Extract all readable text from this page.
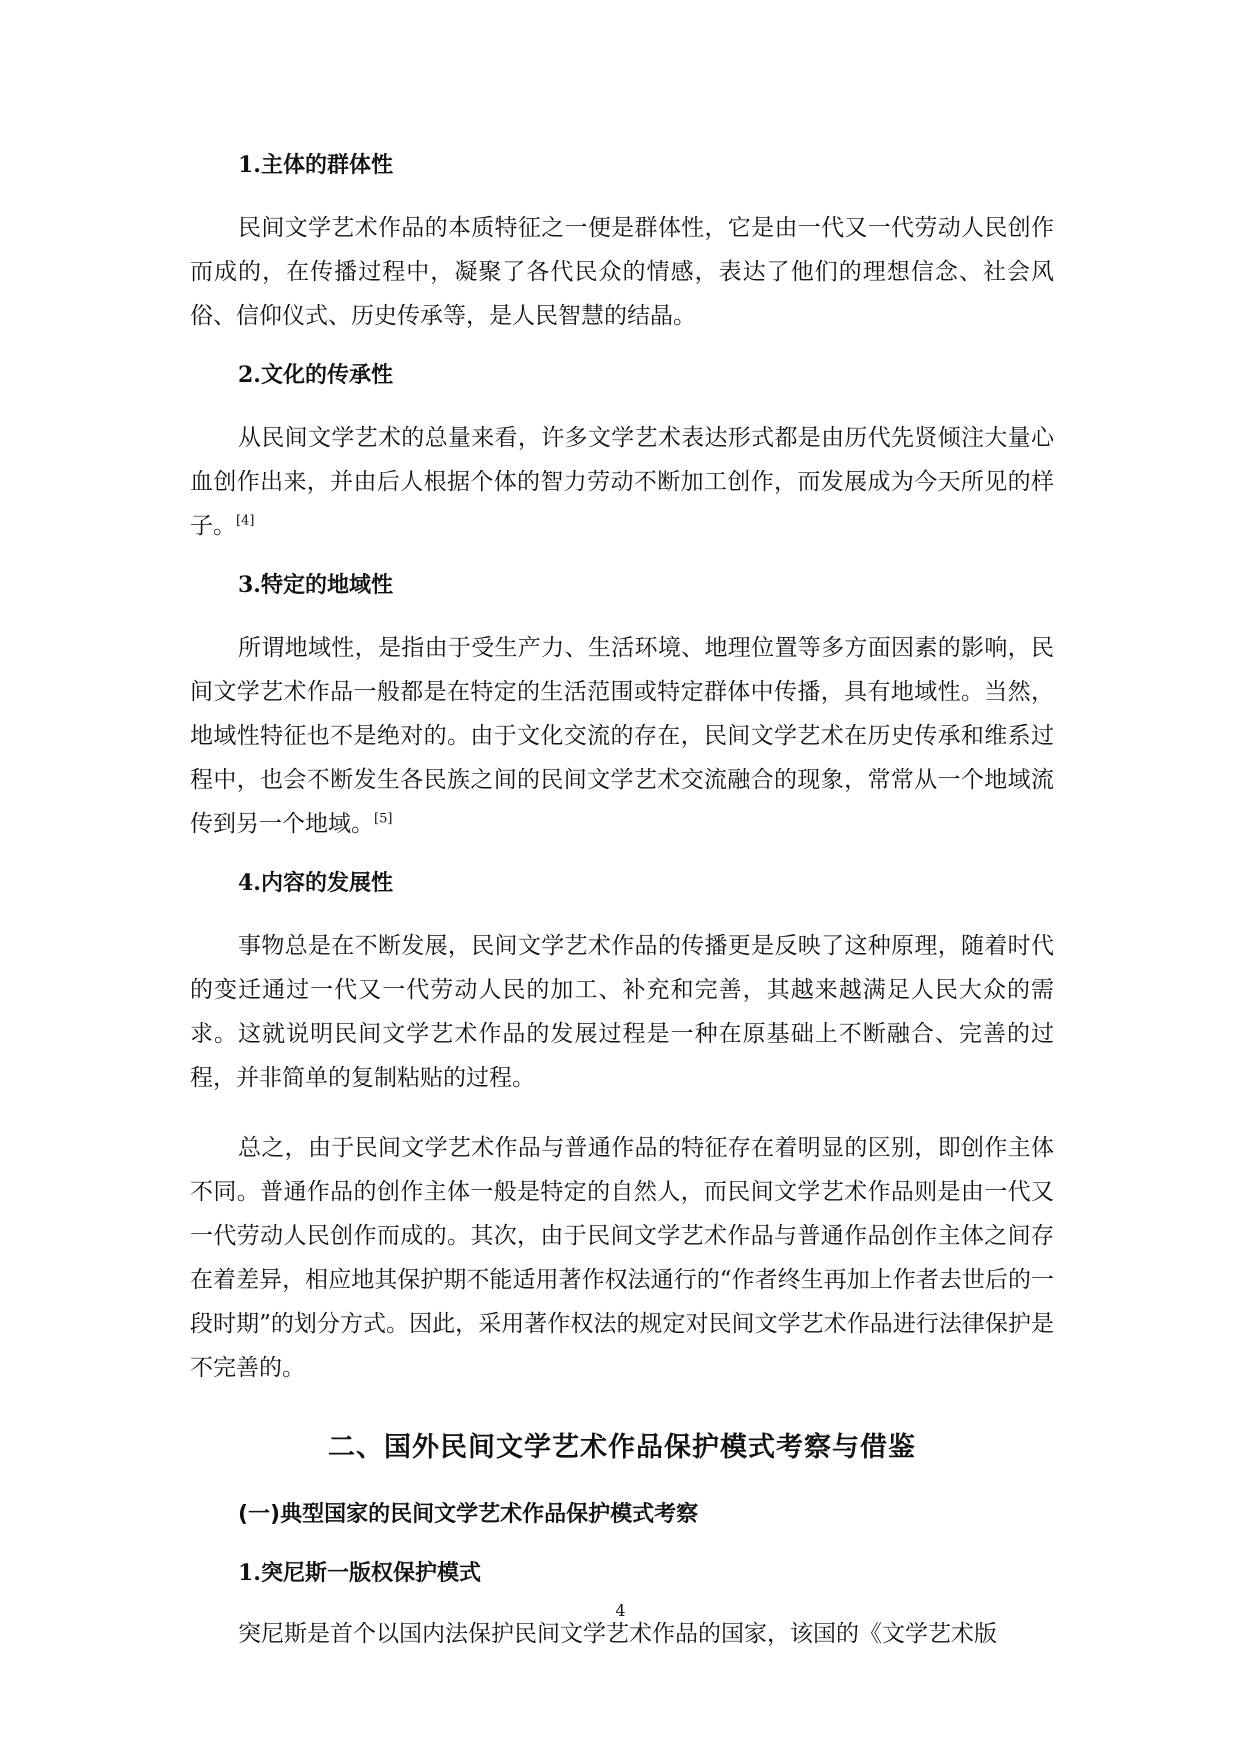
1.主体的群体性

民间文学艺术作品的本质特征之一便是群体性，它是由一代又一代劳动人民创作而成的，在传播过程中，凝聚了各代民众的情感，表达了他们的理想信念、社会风俗、信仰仪式、历史传承等，是人民智慧的结晶。

2.文化的传承性

从民间文学艺术的总量来看，许多文学艺术表达形式都是由历代先贤倾注大量心血创作出来，并由后人根据个体的智力劳动不断加工创作，而发展成为今天所见的样子。[4]

3.特定的地域性

所谓地域性，是指由于受生产力、生活环境、地理位置等多方面因素的影响，民间文学艺术作品一般都是在特定的生活范围或特定群体中传播，具有地域性。当然，地域性特征也不是绝对的。由于文化交流的存在，民间文学艺术在历史传承和维系过程中，也会不断发生各民族之间的民间文学艺术交流融合的现象，常常从一个地域流传到另一个地域。[5]

4.内容的发展性

事物总是在不断发展，民间文学艺术作品的传播更是反映了这种原理，随着时代的变迁通过一代又一代劳动人民的加工、补充和完善，其越来越满足人民大众的需求。这就说明民间文学艺术作品的发展过程是一种在原基础上不断融合、完善的过程，并非简单的复制粘贴的过程。

总之，由于民间文学艺术作品与普通作品的特征存在着明显的区别，即创作主体不同。普通作品的创作主体一般是特定的自然人，而民间文学艺术作品则是由一代又一代劳动人民创作而成的。其次，由于民间文学艺术作品与普通作品创作主体之间存在着差异，相应地其保护期不能适用著作权法通行的“作者终生再加上作者去世后的一段时期”的划分方式。因此，采用著作权法的规定对民间文学艺术作品进行法律保护是不完善的。

二、国外民间文学艺术作品保护模式考察与借鉴
(一)典型国家的民间文学艺术作品保护模式考察
1.突尼斯一版权保护模式

突尼斯是首个以国内法保护民间文学艺术作品的国家，该国的《文学艺术版

4
